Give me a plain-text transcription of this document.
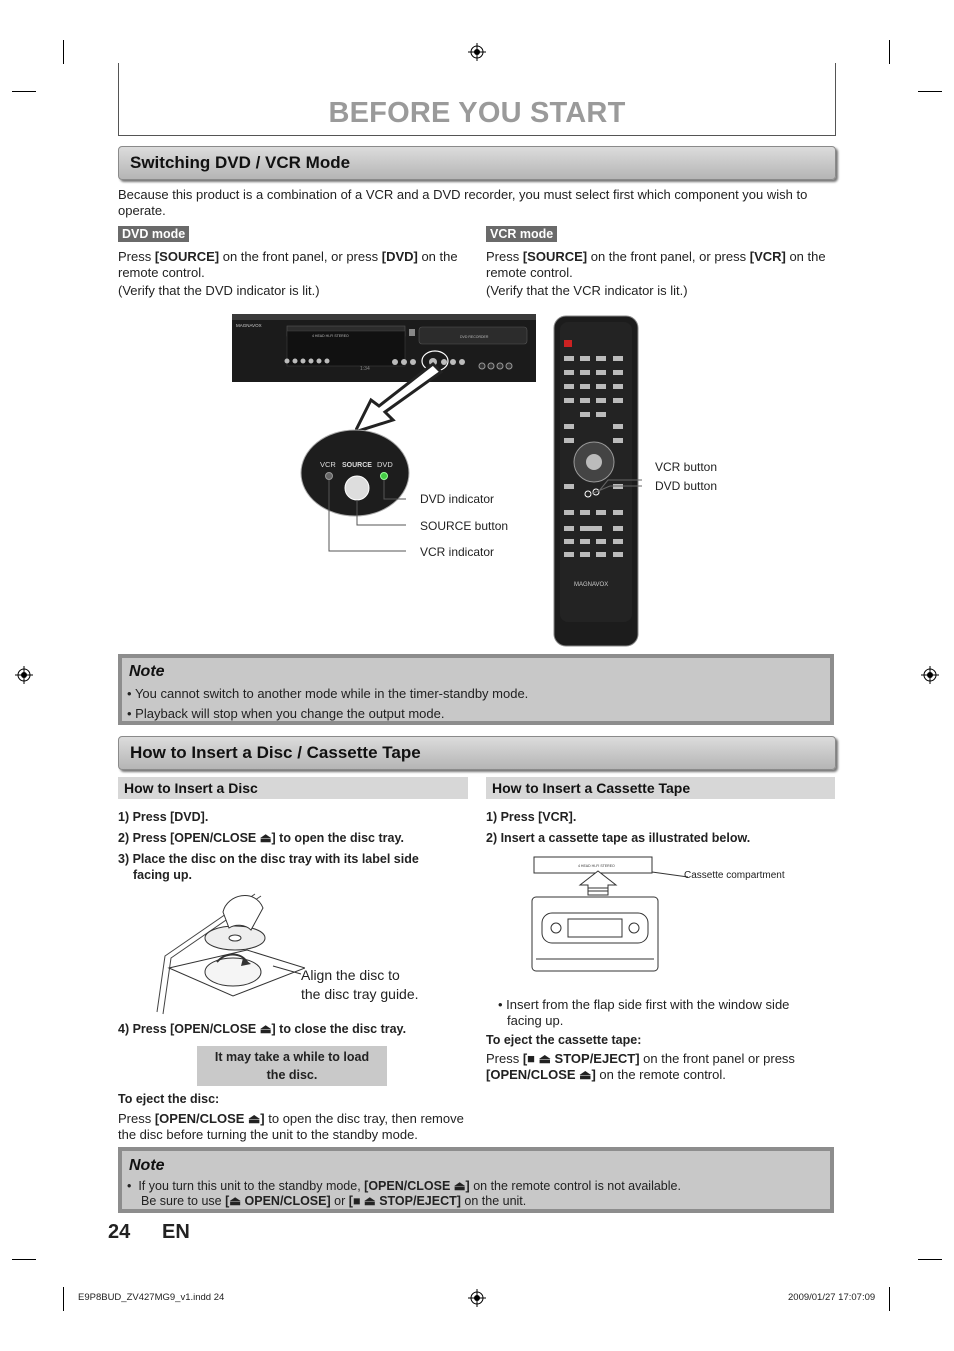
BEFORE YOU START
Switching DVD / VCR Mode
Because this product is a combination of a VCR and a DVD recorder, you must select first which component you wish to operate.
DVD mode	VCR mode
Press [SOURCE] on the front panel, or press [DVD] on the
remote control.
(Verify that the DVD indicator is lit.)
Press [SOURCE] on the front panel, or press [VCR] on the
remote control.
(Verify that the VCR indicator is lit.)
MAGNAVOX
4 HEAD HI-FI STEREO	DVD RECORDER
1:34
VCR SOURCE DVD
DVD indicator
SOURCE button
VCR indicator
MAGNAVOX
VCR button
DVD button
Note
• You cannot switch to another mode while in the timer-standby mode.
• Playback will stop when you change the output mode.
How to Insert a Disc / Cassette Tape
How to Insert a Disc	How to Insert a Cassette Tape
1) Press [DVD].
2) Press [OPEN/CLOSE ⏏] to open the disc tray.
3) Place the disc on the disc tray with its label side
facing up.
Align the disc to
the disc tray guide.
4) Press [OPEN/CLOSE ⏏] to close the disc tray.
It may take a while to load
the disc.
To eject the disc:
Press [OPEN/CLOSE ⏏] to open the disc tray, then remove
the disc before turning the unit to the standby mode.
1) Press [VCR].
2) Insert a cassette tape as illustrated below.
4 HEAD HI-FI STEREO
Cassette compartment
• Insert from the flap side first with the window side
facing up.
To eject the cassette tape:
Press [■ ⏏ STOP/EJECT] on the front panel or press
[OPEN/CLOSE ⏏] on the remote control.
Note
•  If you turn this unit to the standby mode, [OPEN/CLOSE ⏏] on the remote control is not available.
Be sure to use [⏏ OPEN/CLOSE] or [■ ⏏ STOP/EJECT] on the unit.
24 EN
E9P8BUD_ZV427MG9_v1.indd 24	2009/01/27 17:07:09
